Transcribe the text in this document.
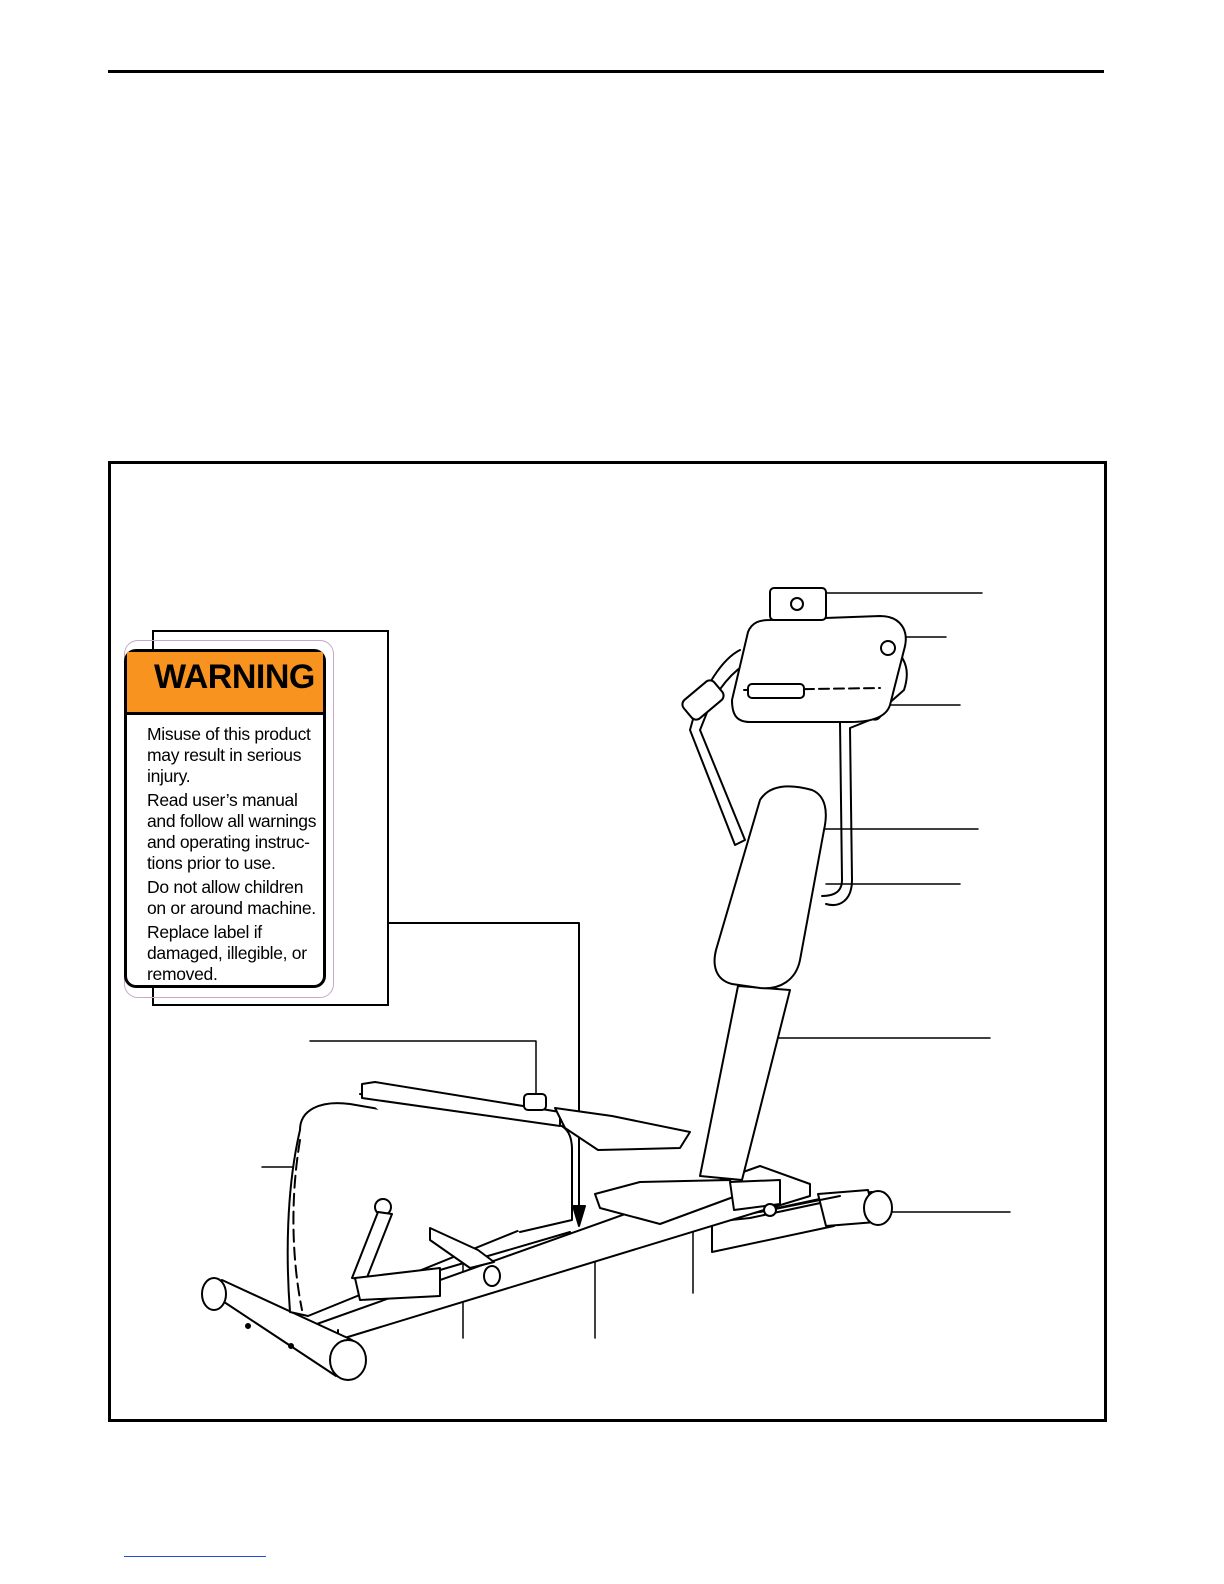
WARNING

Misuse of this product
may result in serious
injury.

Read user’s manual
and follow all warnings
and operating instruc-
tions prior to use.

Do not allow children
on or around machine.

Replace label if
damaged, illegible, or
removed.
